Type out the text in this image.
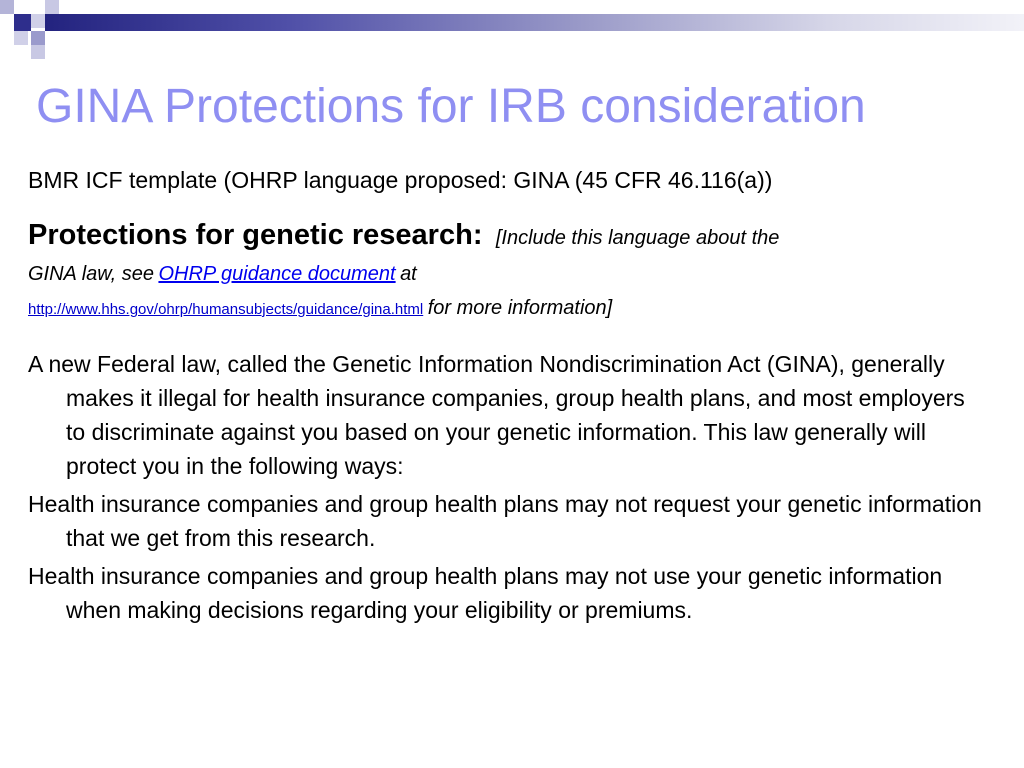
GINA Protections for IRB consideration
BMR ICF template (OHRP language proposed: GINA (45 CFR 46.116(a))
Protections for genetic research: [Include this language about the
GINA law, see OHRP guidance document at
http://www.hhs.gov/ohrp/humansubjects/guidance/gina.html for more information]
A new Federal law, called the Genetic Information Nondiscrimination Act (GINA), generally makes it illegal for health insurance companies, group health plans, and most employers to discriminate against you based on your genetic information. This law generally will protect you in the following ways:
Health insurance companies and group health plans may not request your genetic information that we get from this research.
Health insurance companies and group health plans may not use your genetic information when making decisions regarding your eligibility or premiums.
